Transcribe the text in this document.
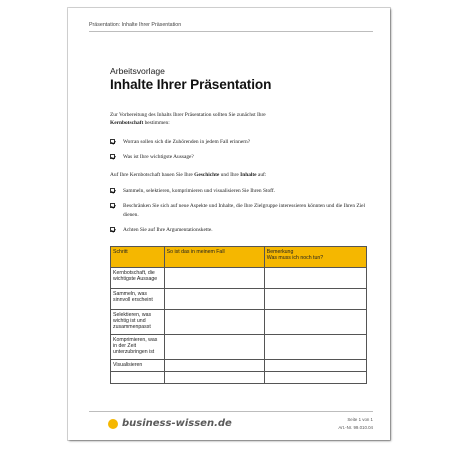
Präsentation: Inhalte Ihrer Präsentation
Arbeitsvorlage
Inhalte Ihrer Präsentation
Zur Vorbereitung des Inhalts Ihrer Präsentation sollten Sie zunächst Ihre
Kernbotschaft bestimmen:
Worran sollen sich die Zuhörenden in jedem Fall erinnern?
Was ist Ihre wichtigste Aussage?
Auf Ihre Kernbotschaft bauen Sie Ihre Geschichte und Ihre Inhalte auf:
Sammeln, selektieren, komprimieren und visualisieren Sie Ihren Stoff.
Beschränken Sie sich auf neue Aspekte und Inhalte, die Ihre Zielgruppe interessieren könnten und die Ihren Ziel dienen.
Achten Sie auf Ihre Argumentationskette.
Schritt	So ist das in meinem Fall	Bemerkung
Was muss ich noch tun?
Kernbotschaft, die wichtigste Aussage		
Sammeln, was sinnvoll erscheint		
Selektieren, was wichtig ist und zusammenpasst		
Komprimieren, was in der Zeit unterzubringen ist		
Visualisieren		

business-wissen.de	Seite 1 von 1
Art.-Nr. 99.010.04
